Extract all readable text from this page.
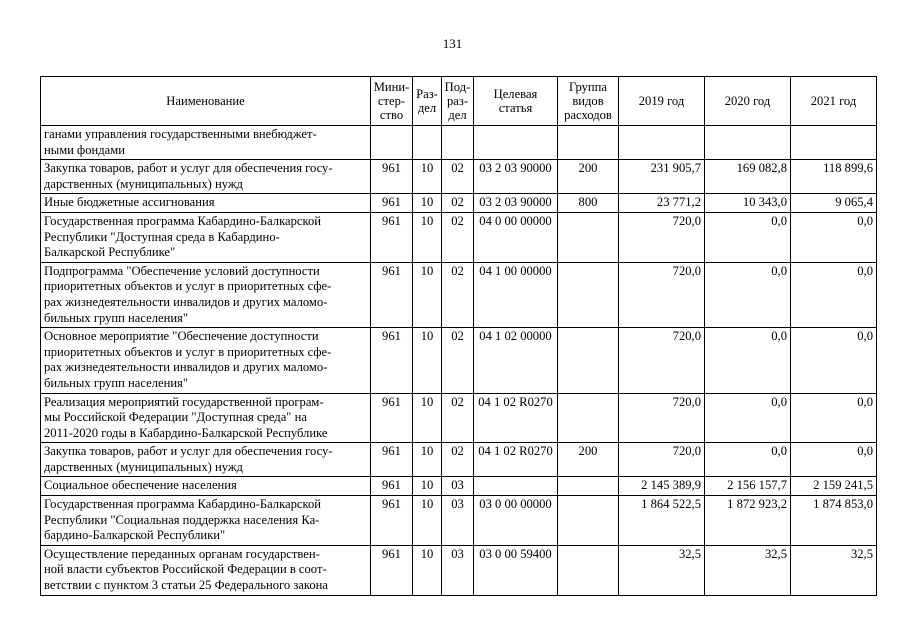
131
Наименование	Мини-
стер-
ство	Раз-
дел	Под-
раз-
дел	Целевая
статья	Группа
видов
расходов	2019 год	2020 год	2021 год
ганами управления государственными внебюджет-
ными фондами								
Закупка товаров, работ и услуг для обеспечения госу-
дарственных (муниципальных) нужд	961	10	02	03 2 03 90000	200	231 905,7	169 082,8	118 899,6
Иные бюджетные ассигнования	961	10	02	03 2 03 90000	800	23 771,2	10 343,0	9 065,4
Государственная программа Кабардино-Балкарской
Республики "Доступная среда в Кабардино-
Балкарской Республике"	961	10	02	04 0 00 00000		720,0	0,0	0,0
Подпрограмма "Обеспечение условий доступности
приоритетных объектов и услуг в приоритетных сфе-
рах жизнедеятельности инвалидов и других маломо-
бильных групп населения"	961	10	02	04 1 00 00000		720,0	0,0	0,0
Основное мероприятие "Обеспечение доступности
приоритетных объектов и услуг в приоритетных сфе-
рах жизнедеятельности инвалидов и других маломо-
бильных групп населения"	961	10	02	04 1 02 00000		720,0	0,0	0,0
Реализация мероприятий государственной програм-
мы Российской Федерации "Доступная среда" на
2011-2020 годы в Кабардино-Балкарской Республике	961	10	02	04 1 02 R0270		720,0	0,0	0,0
Закупка товаров, работ и услуг для обеспечения госу-
дарственных (муниципальных) нужд	961	10	02	04 1 02 R0270	200	720,0	0,0	0,0
Социальное обеспечение населения	961	10	03			2 145 389,9	2 156 157,7	2 159 241,5
Государственная программа Кабардино-Балкарской
Республики "Социальная поддержка населения Ка-
бардино-Балкарской Республики"	961	10	03	03 0 00 00000		1 864 522,5	1 872 923,2	1 874 853,0
Осуществление переданных органам государствен-
ной власти субъектов Российской Федерации в соот-
ветствии с пунктом 3 статьи 25 Федерального закона	961	10	03	03 0 00 59400		32,5	32,5	32,5
